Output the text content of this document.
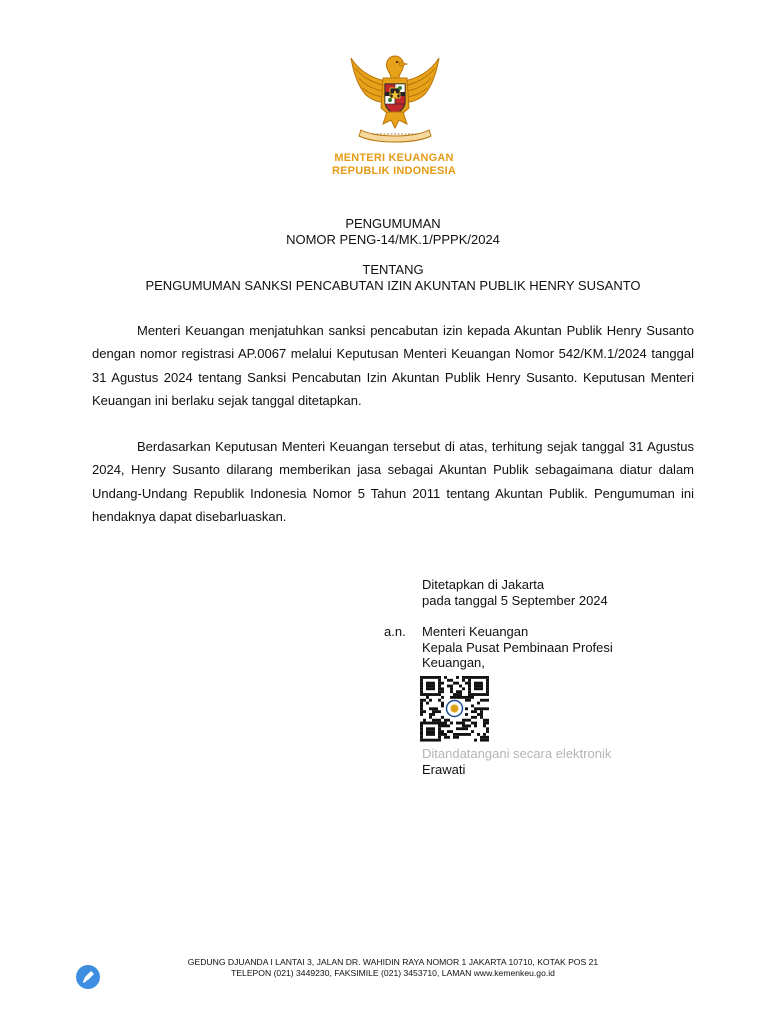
MENTERI KEUANGAN
REPUBLIK INDONESIA
PENGUMUMAN
NOMOR PENG-14/MK.1/PPPK/2024
TENTANG
PENGUMUMAN SANKSI PENCABUTAN IZIN AKUNTAN PUBLIK HENRY SUSANTO

Menteri Keuangan menjatuhkan sanksi pencabutan izin kepada Akuntan Publik Henry Susanto dengan nomor registrasi AP.0067 melalui Keputusan Menteri Keuangan Nomor 542/KM.1/2024 tanggal 31 Agustus 2024 tentang Sanksi Pencabutan Izin Akuntan Publik Henry Susanto. Keputusan Menteri Keuangan ini berlaku sejak tanggal ditetapkan.

Berdasarkan Keputusan Menteri Keuangan tersebut di atas, terhitung sejak tanggal 31 Agustus 2024, Henry Susanto dilarang memberikan jasa sebagai Akuntan Publik sebagaimana diatur dalam Undang-Undang Republik Indonesia Nomor 5 Tahun 2011 tentang Akuntan Publik. Pengumuman ini hendaknya dapat disebarluaskan.

Ditetapkan di Jakarta
pada tanggal 5 September 2024
a.n. Menteri Keuangan
Kepala Pusat Pembinaan Profesi
Keuangan,
Ditandatangani secara elektronik
Erawati
GEDUNG DJUANDA I LANTAI 3, JALAN DR. WAHIDIN RAYA NOMOR 1 JAKARTA 10710, KOTAK POS 21
TELEPON (021) 3449230, FAKSIMILE (021) 3453710, LAMAN www.kemenkeu.go.id
